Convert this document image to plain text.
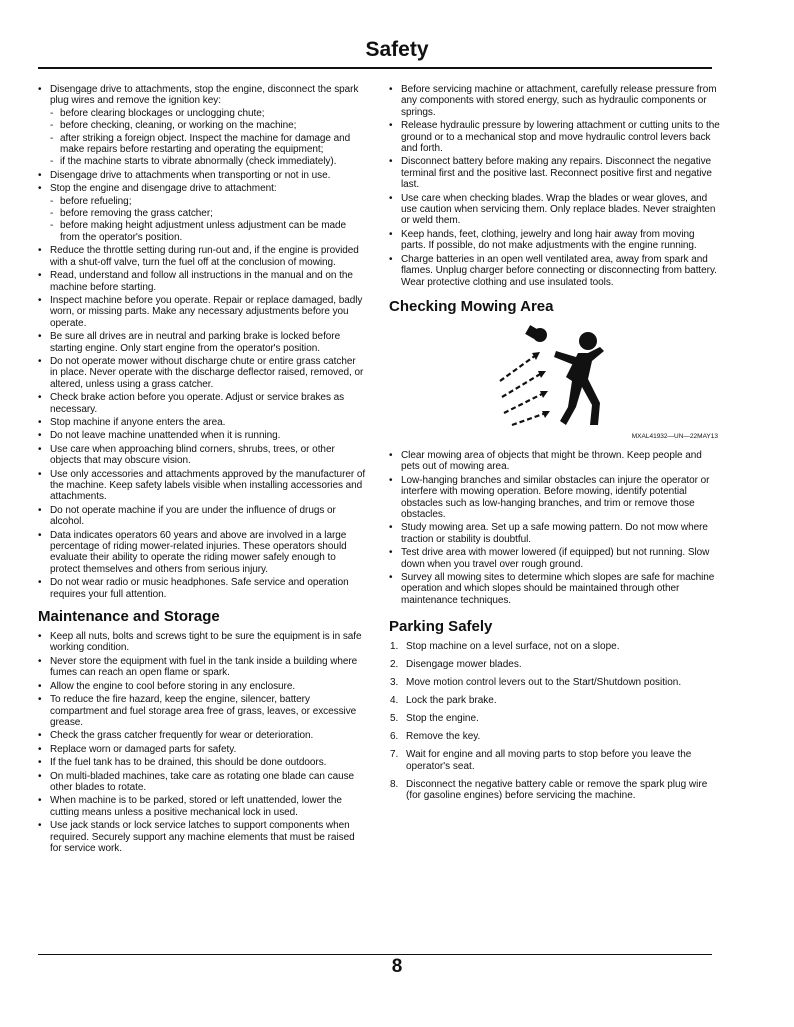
Safety
• Disengage drive to attachments, stop the engine, disconnect the spark plug wires and remove the ignition key:
- before clearing blockages or unclogging chute;
- before checking, cleaning, or working on the machine;
- after striking a foreign object. Inspect the machine for damage and make repairs before restarting and operating the equipment;
- if the machine starts to vibrate abnormally (check immediately).
• Disengage drive to attachments when transporting or not in use.
• Stop the engine and disengage drive to attachment:
- before refueling;
- before removing the grass catcher;
- before making height adjustment unless adjustment can be made from the operator's position.
• Reduce the throttle setting during run-out and, if the engine is provided with a shut-off valve, turn the fuel off at the conclusion of mowing.
• Read, understand and follow all instructions in the manual and on the machine before starting.
• Inspect machine before you operate. Repair or replace damaged, badly worn, or missing parts. Make any necessary adjustments before you operate.
• Be sure all drives are in neutral and parking brake is locked before starting engine. Only start engine from the operator's position.
• Do not operate mower without discharge chute or entire grass catcher in place. Never operate with the discharge deflector raised, removed, or altered, unless using a grass catcher.
• Check brake action before you operate. Adjust or service brakes as necessary.
• Stop machine if anyone enters the area.
• Do not leave machine unattended when it is running.
• Use care when approaching blind corners, shrubs, trees, or other objects that may obscure vision.
• Use only accessories and attachments approved by the manufacturer of the machine. Keep safety labels visible when installing accessories and attachments.
• Do not operate machine if you are under the influence of drugs or alcohol.
• Data indicates operators 60 years and above are involved in a large percentage of riding mower-related injuries. These operators should evaluate their ability to operate the riding mower safely enough to protect themselves and others from serious injury.
• Do not wear radio or music headphones. Safe service and operation requires your full attention.
Maintenance and Storage
• Keep all nuts, bolts and screws tight to be sure the equipment is in safe working condition.
• Never store the equipment with fuel in the tank inside a building where fumes can reach an open flame or spark.
• Allow the engine to cool before storing in any enclosure.
• To reduce the fire hazard, keep the engine, silencer, battery compartment and fuel storage area free of grass, leaves, or excessive grease.
• Check the grass catcher frequently for wear or deterioration.
• Replace worn or damaged parts for safety.
• If the fuel tank has to be drained, this should be done outdoors.
• On multi-bladed machines, take care as rotating one blade can cause other blades to rotate.
• When machine is to be parked, stored or left unattended, lower the cutting means unless a positive mechanical lock in used.
• Use jack stands or lock service latches to support components when required. Securely support any machine elements that must be raised for service work.
• Before servicing machine or attachment, carefully release pressure from any components with stored energy, such as hydraulic components or springs.
• Release hydraulic pressure by lowering attachment or cutting units to the ground or to a mechanical stop and move hydraulic control levers back and forth.
• Disconnect battery before making any repairs. Disconnect the negative terminal first and the positive last. Reconnect positive first and negative last.
• Use care when checking blades. Wrap the blades or wear gloves, and use caution when servicing them. Only replace blades. Never straighten or weld them.
• Keep hands, feet, clothing, jewelry and long hair away from moving parts. If possible, do not make adjustments with the engine running.
• Charge batteries in an open well ventilated area, away from spark and flames. Unplug charger before connecting or disconnecting from battery. Wear protective clothing and use insulated tools.
Checking Mowing Area
MXAL41932—UN—22MAY13
• Clear mowing area of objects that might be thrown. Keep people and pets out of mowing area.
• Low-hanging branches and similar obstacles can injure the operator or interfere with mowing operation. Before mowing, identify potential obstacles such as low-hanging branches, and trim or remove those obstacles.
• Study mowing area. Set up a safe mowing pattern. Do not mow where traction or stability is doubtful.
• Test drive area with mower lowered (if equipped) but not running. Slow down when you travel over rough ground.
• Survey all mowing sites to determine which slopes are safe for machine operation and which slopes should be maintained through other maintenance techniques.
Parking Safely
1. Stop machine on a level surface, not on a slope.
2. Disengage mower blades.
3. Move motion control levers out to the Start/Shutdown position.
4. Lock the park brake.
5. Stop the engine.
6. Remove the key.
7. Wait for engine and all moving parts to stop before you leave the operator's seat.
8. Disconnect the negative battery cable or remove the spark plug wire (for gasoline engines) before servicing the machine.
8
